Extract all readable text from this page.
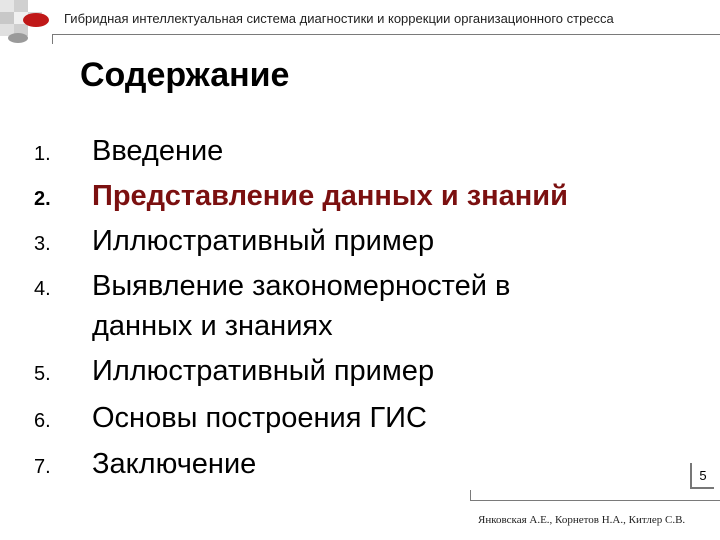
Гибридная интеллектуальная система диагностики и коррекции организационного стресса
Содержание
1.	Введение
2.	Представление данных и знаний
3.	Иллюстративный пример
4.	Выявление закономерностей в
данных и знаниях
5.	Иллюстративный пример
6.	Основы построения ГИС
7.	Заключение	5
Янковская А.Е., Корнетов Н.А., Китлер С.В.
